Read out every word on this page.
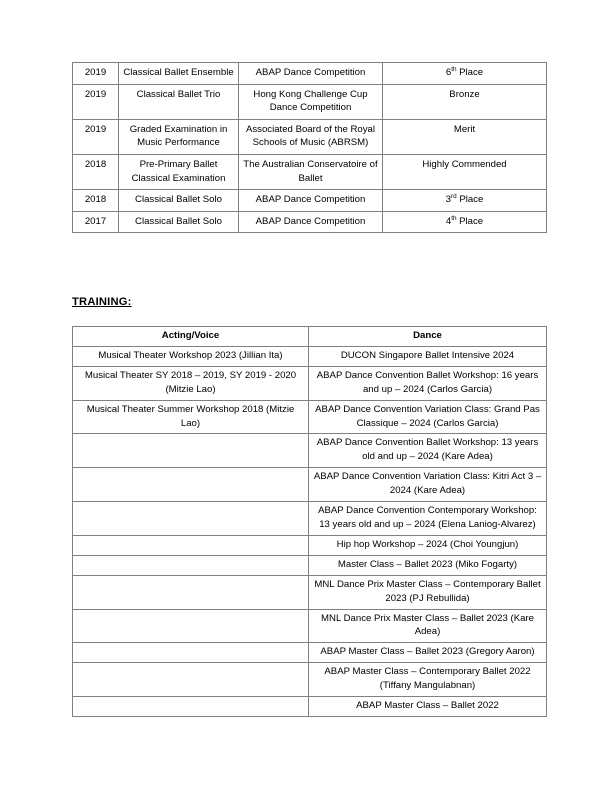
2019	Classical Ballet Ensemble	ABAP Dance Competition	6th Place
2019	Classical Ballet Trio	Hong Kong Challenge Cup Dance Competition	Bronze
2019	Graded Examination in Music Performance	Associated Board of the Royal Schools of Music (ABRSM)	Merit
2018	Pre-Primary Ballet Classical Examination	The Australian Conservatoire of Ballet	Highly Commended
2018	Classical Ballet Solo	ABAP Dance Competition	3rd Place
2017	Classical Ballet Solo	ABAP Dance Competition	4th Place
TRAINING:
Acting/Voice	Dance
Musical Theater Workshop 2023 (Jillian Ita)	DUCON Singapore Ballet Intensive 2024
Musical Theater SY 2018 – 2019, SY 2019 - 2020 (Mitzie Lao)	ABAP Dance Convention Ballet Workshop: 16 years and up – 2024 (Carlos Garcia)
Musical Theater Summer Workshop 2018 (Mitzie Lao)	ABAP Dance Convention Variation Class: Grand Pas Classique – 2024 (Carlos Garcia)
	ABAP Dance Convention Ballet Workshop: 13 years old and up – 2024 (Kare Adea)
	ABAP Dance Convention Variation Class: Kitri Act 3 – 2024 (Kare Adea)
	ABAP Dance Convention Contemporary Workshop: 13 years old and up – 2024 (Elena Laniog-Alvarez)
	Hip hop Workshop – 2024 (Choi Youngjun)
	Master Class – Ballet 2023 (Miko Fogarty)
	MNL Dance Prix Master Class – Contemporary Ballet 2023 (PJ Rebullida)
	MNL Dance Prix Master Class – Ballet 2023 (Kare Adea)
	ABAP Master Class – Ballet 2023 (Gregory Aaron)
	ABAP Master Class – Contemporary Ballet 2022 (Tiffany Mangulabnan)
	ABAP Master Class – Ballet 2022
